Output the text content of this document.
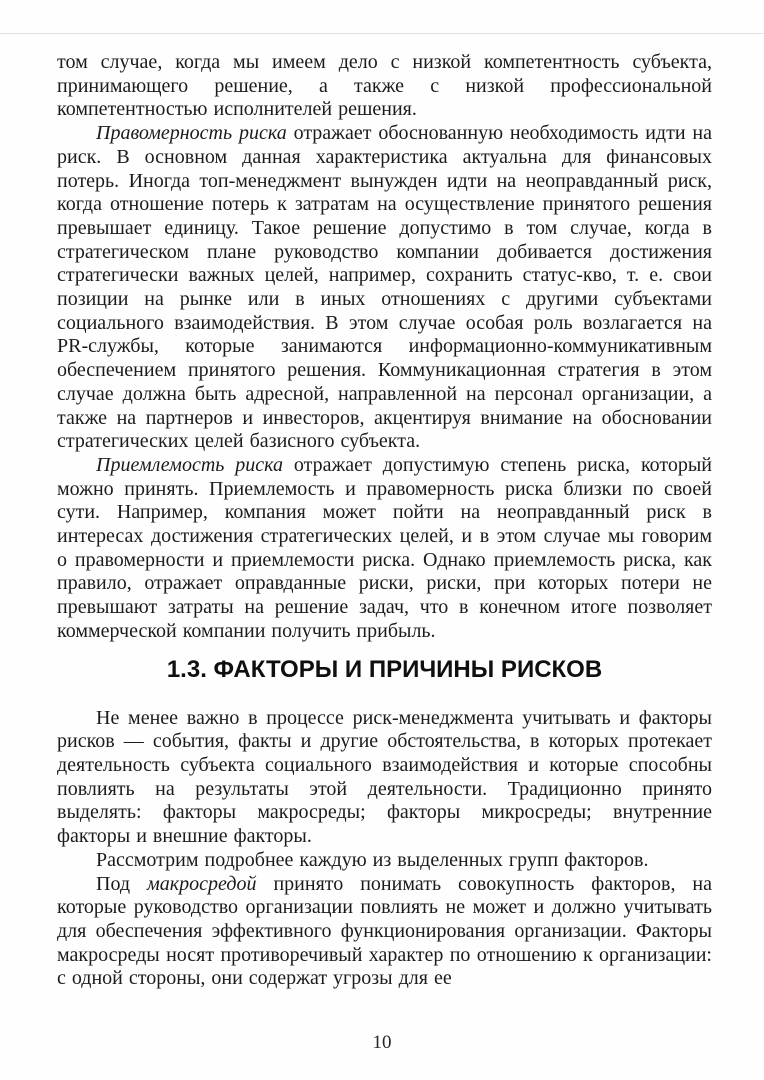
том случае, когда мы имеем дело с низкой компетентность субъекта, принимающего решение, а также с низкой профессиональной компетентностью исполнителей решения.

Правомерность риска отражает обоснованную необходимость идти на риск. В основном данная характеристика актуальна для финансовых потерь. Иногда топ-менеджмент вынужден идти на неоправданный риск, когда отношение потерь к затратам на осуществление принятого решения превышает единицу. Такое решение допустимо в том случае, когда в стратегическом плане руководство компании добивается достижения стратегически важных целей, например, сохранить статус-кво, т. е. свои позиции на рынке или в иных отношениях с другими субъектами социального взаимодействия. В этом случае особая роль возлагается на PR-службы, которые занимаются информационно-коммуникативным обеспечением принятого решения. Коммуникационная стратегия в этом случае должна быть адресной, направленной на персонал организации, а также на партнеров и инвесторов, акцентируя внимание на обосновании стратегических целей базисного субъекта.

Приемлемость риска отражает допустимую степень риска, который можно принять. Приемлемость и правомерность риска близки по своей сути. Например, компания может пойти на неоправданный риск в интересах достижения стратегических целей, и в этом случае мы говорим о правомерности и приемлемости риска. Однако приемлемость риска, как правило, отражает оправданные риски, риски, при которых потери не превышают затраты на решение задач, что в конечном итоге позволяет коммерческой компании получить прибыль.

1.3. ФАКТОРЫ И ПРИЧИНЫ РИСКОВ

Не менее важно в процессе риск-менеджмента учитывать и факторы рисков — события, факты и другие обстоятельства, в которых протекает деятельность субъекта социального взаимодействия и которые способны повлиять на результаты этой деятельности. Традиционно принято выделять: факторы макросреды; факторы микросреды; внутренние факторы и внешние факторы.

Рассмотрим подробнее каждую из выделенных групп факторов.

Под макросредой принято понимать совокупность факторов, на которые руководство организации повлиять не может и должно учитывать для обеспечения эффективного функционирования организации. Факторы макросреды носят противоречивый характер по отношению к организации: с одной стороны, они содержат угрозы для ее

10
